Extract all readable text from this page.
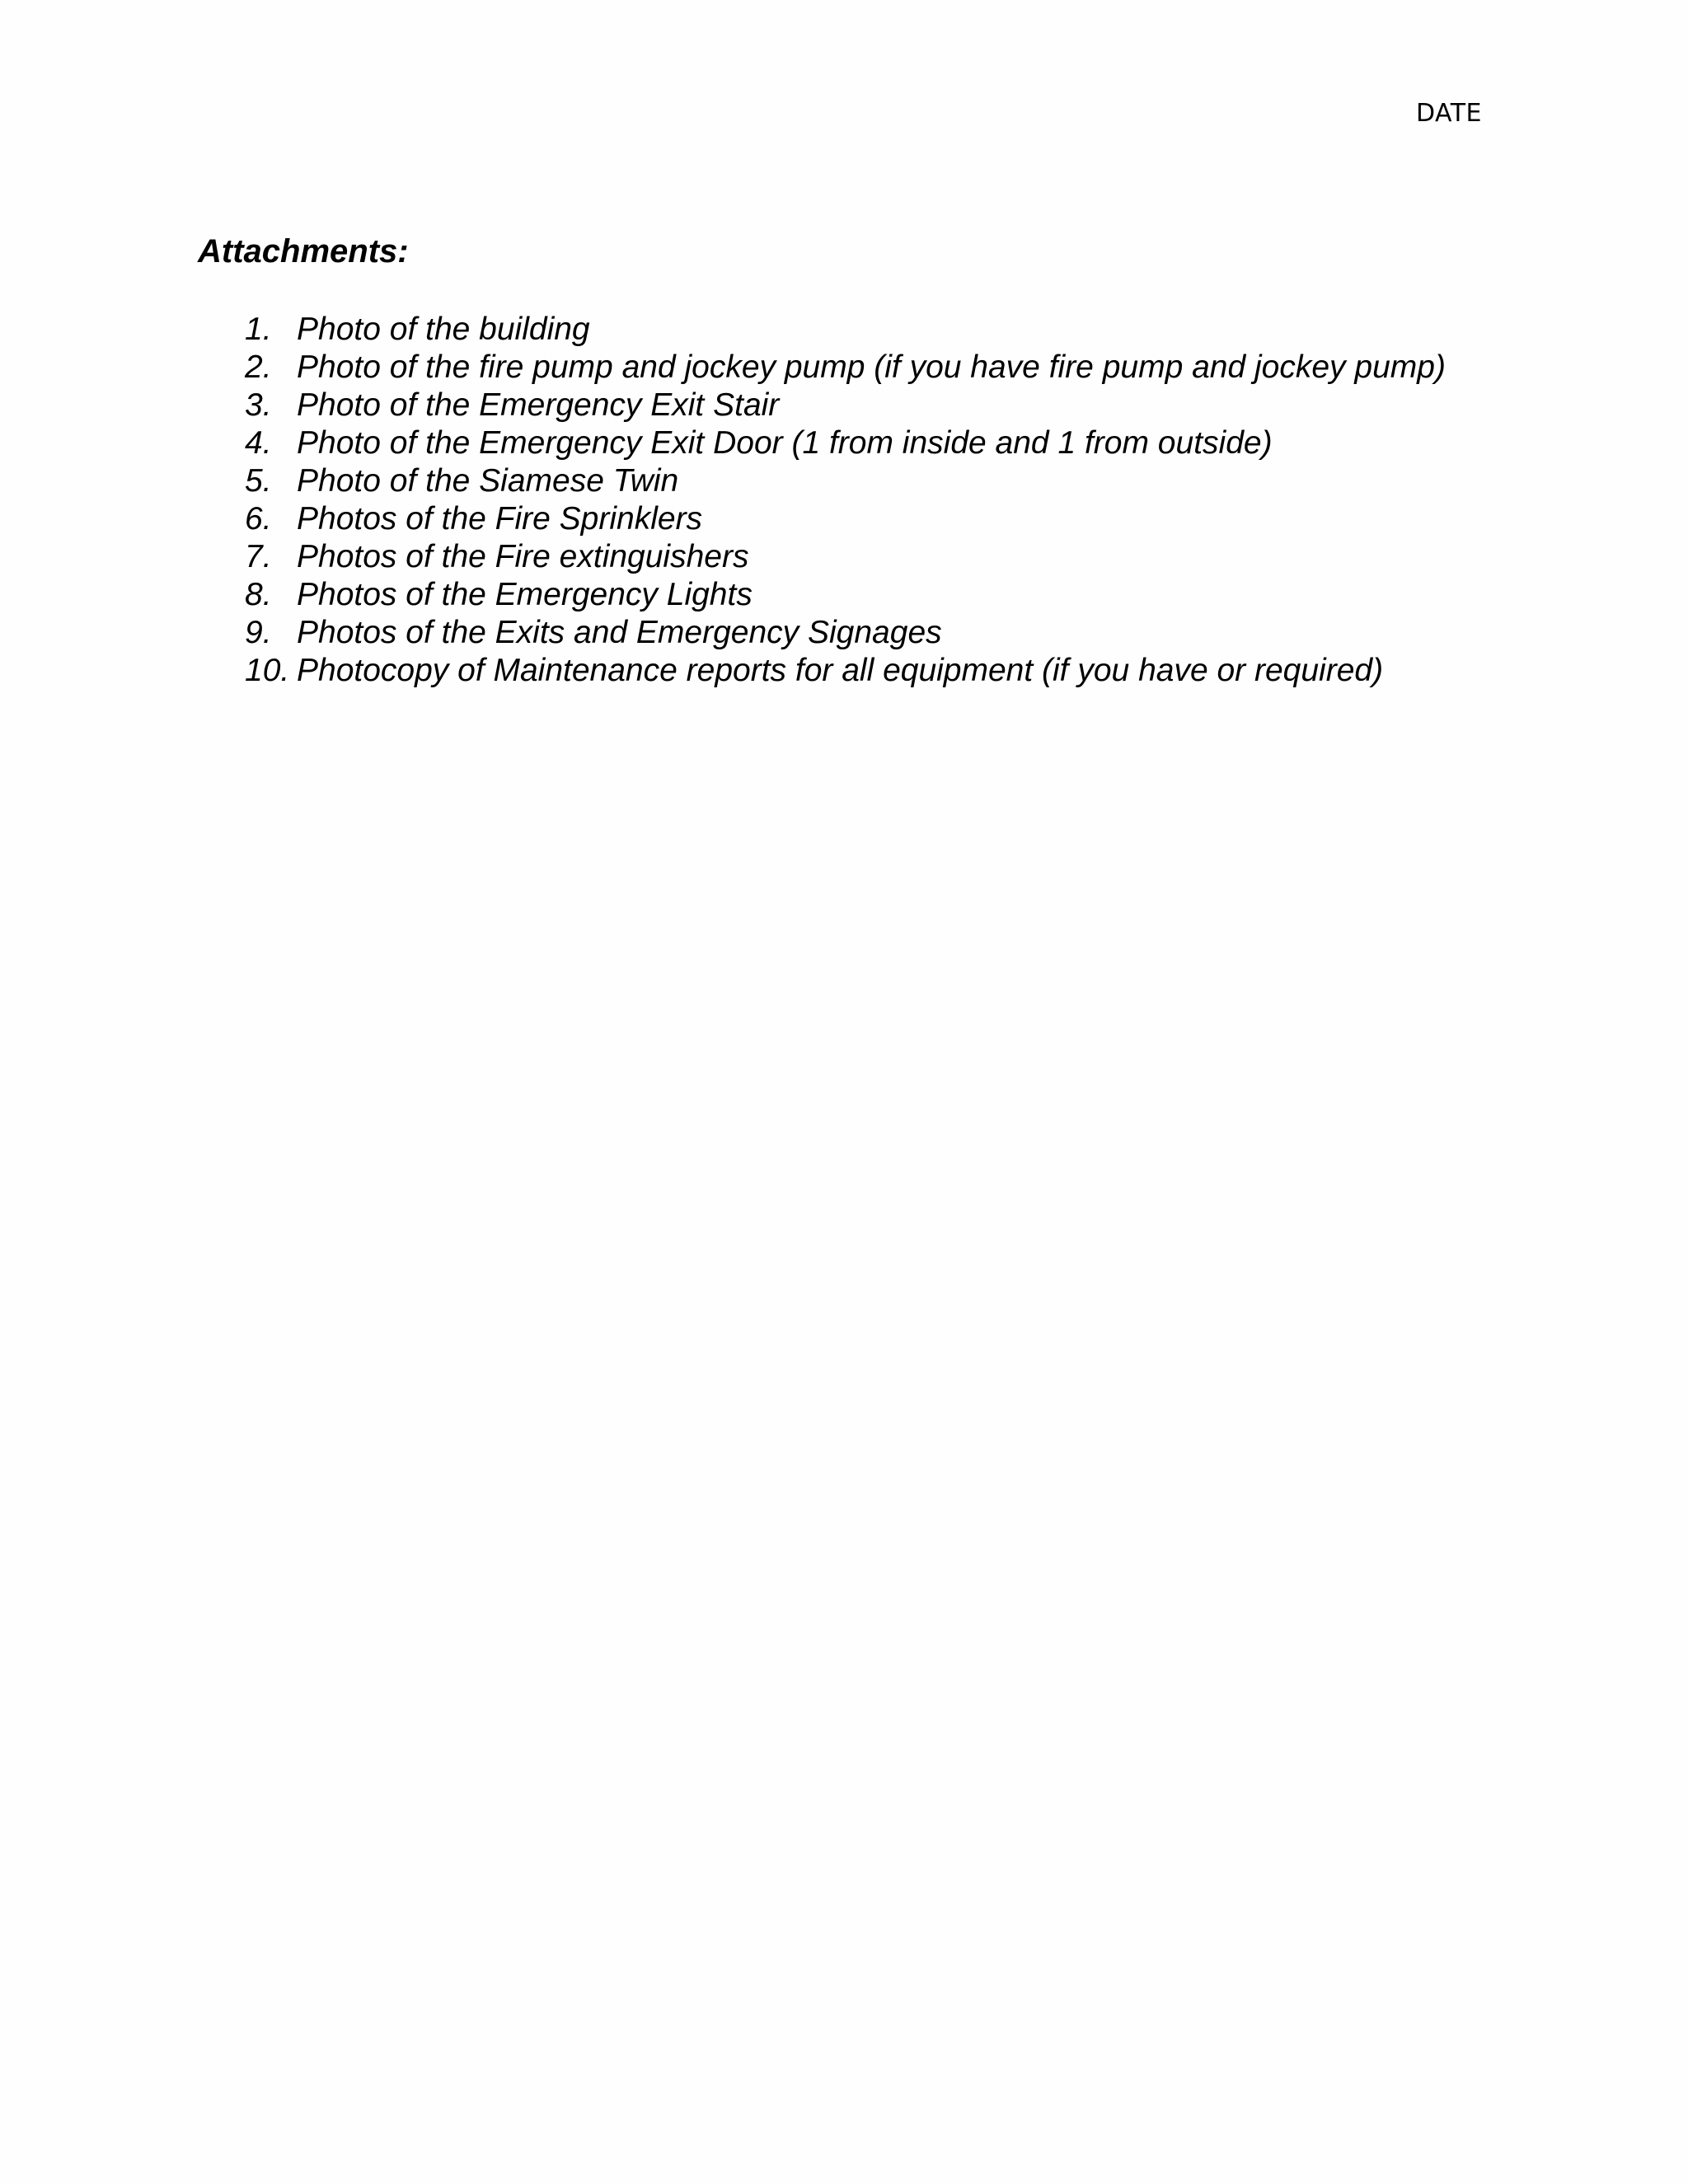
DATE
Attachments:
1. Photo of the building
2. Photo of the fire pump and jockey pump (if you have fire pump and jockey pump)
3. Photo of the Emergency Exit Stair
4. Photo of the Emergency Exit Door (1 from inside and 1 from outside)
5. Photo of the Siamese Twin
6. Photos of the Fire Sprinklers
7. Photos of the Fire extinguishers
8. Photos of the Emergency Lights
9. Photos of the Exits and Emergency Signages
10. Photocopy of Maintenance reports for all equipment (if you have or required)
